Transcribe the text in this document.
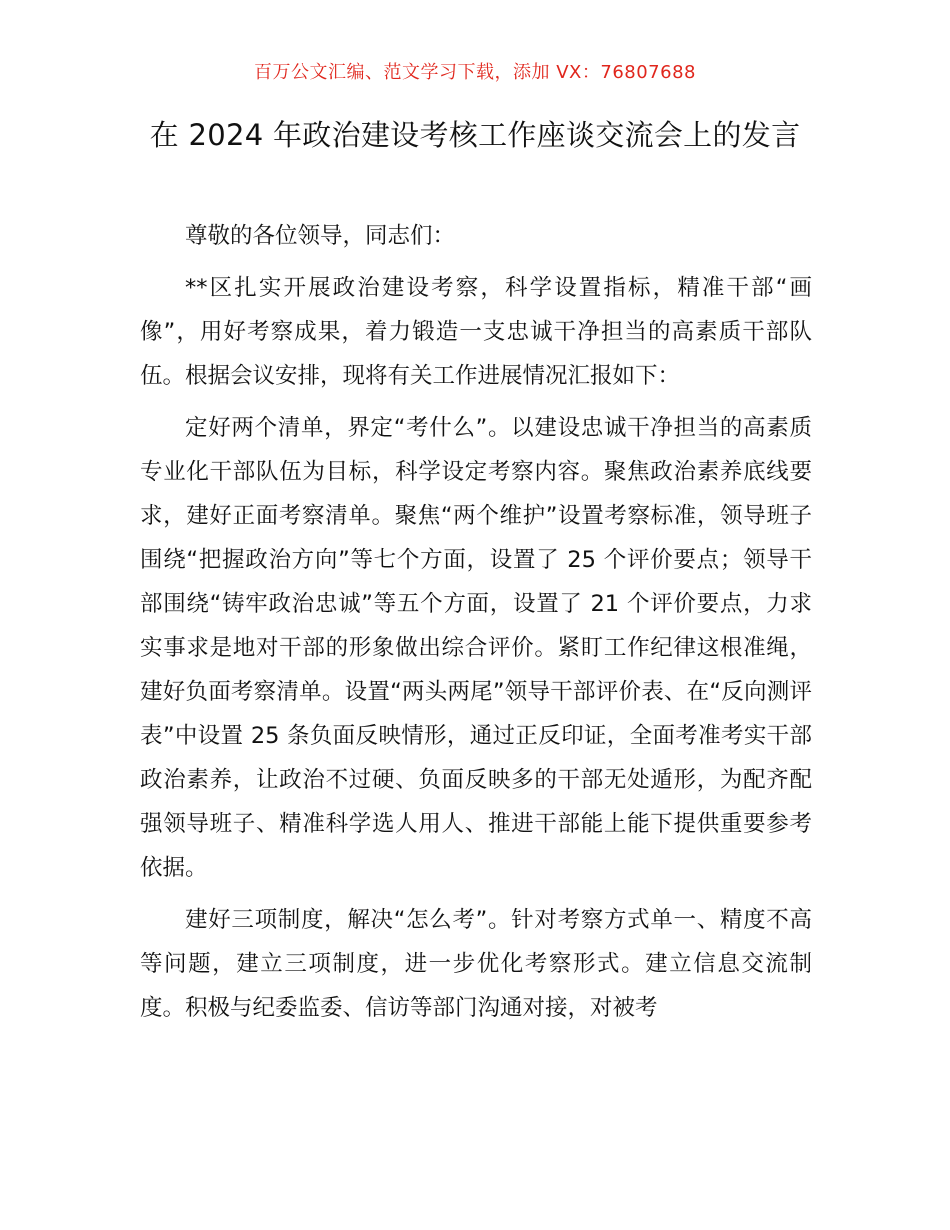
百万公文汇编、范文学习下载，添加 VX：76807688
在 2024 年政治建设考核工作座谈交流会上的发言

尊敬的各位领导，同志们：

**区扎实开展政治建设考察，科学设置指标，精准干部“画像”，用好考察成果，着力锻造一支忠诚干净担当的高素质干部队伍。根据会议安排，现将有关工作进展情况汇报如下：

定好两个清单，界定“考什么”。以建设忠诚干净担当的高素质专业化干部队伍为目标，科学设定考察内容。聚焦政治素养底线要求，建好正面考察清单。聚焦“两个维护”设置考察标准，领导班子围绕“把握政治方向”等七个方面，设置了 25 个评价要点；领导干部围绕“铸牢政治忠诚”等五个方面，设置了 21 个评价要点，力求实事求是地对干部的形象做出综合评价。紧盯工作纪律这根准绳，建好负面考察清单。设置“两头两尾”领导干部评价表、在“反向测评表”中设置 25 条负面反映情形，通过正反印证，全面考准考实干部政治素养，让政治不过硬、负面反映多的干部无处遁形，为配齐配强领导班子、精准科学选人用人、推进干部能上能下提供重要参考依据。

建好三项制度，解决“怎么考”。针对考察方式单一、精度不高等问题，建立三项制度，进一步优化考察形式。建立信息交流制度。积极与纪委监委、信访等部门沟通对接，对被考
